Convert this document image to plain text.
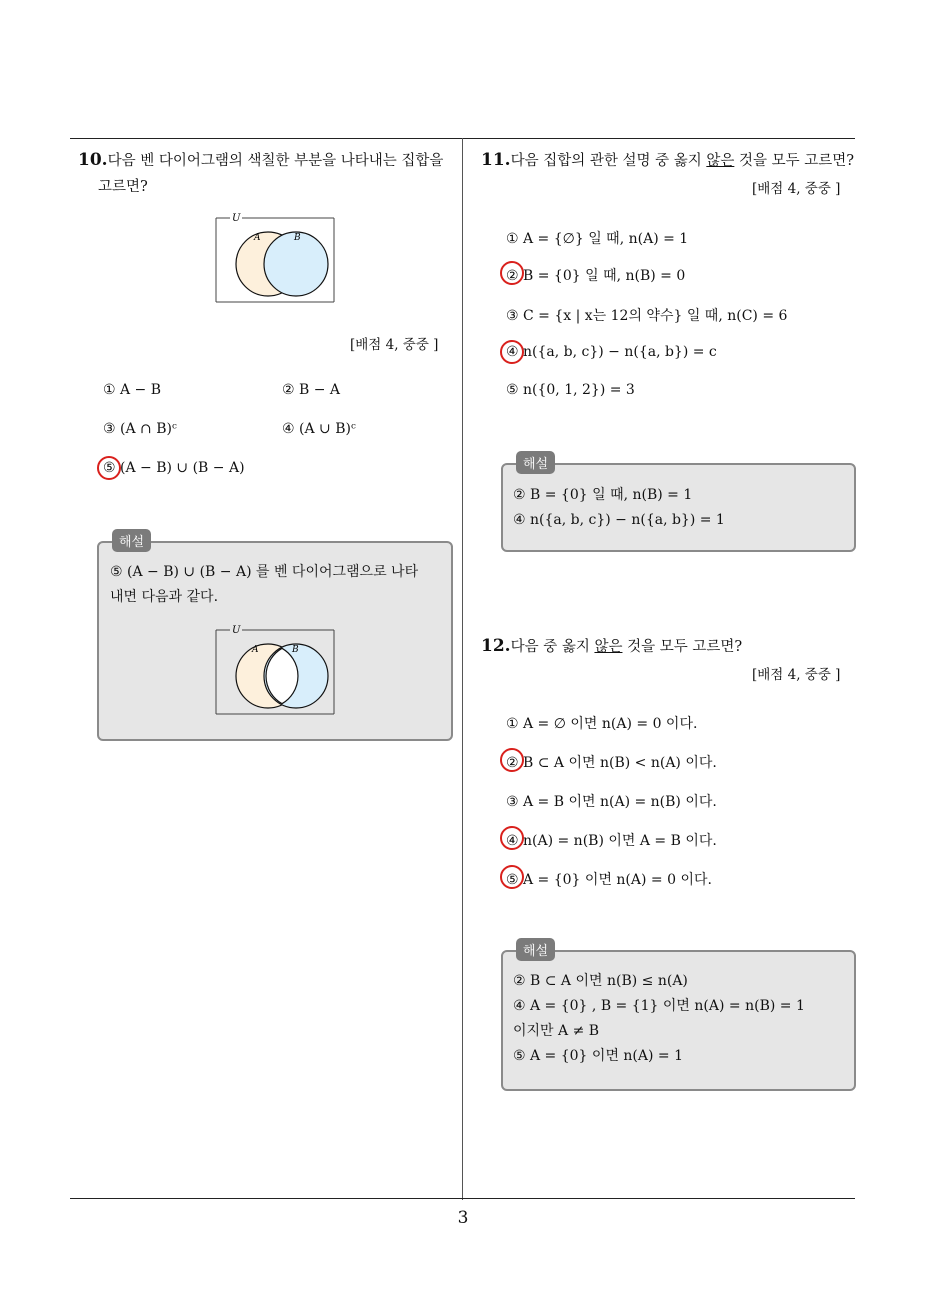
3
10.다음 벤 다이어그램의 색칠한 부분을 나타내는 집합을
고르면?
U
A	B
[배점 4, 중중 ]
① A − B	② B − A
③ (A ∩ B)ᶜ	④ (A ∪ B)ᶜ
⑤ (A − B) ∪ (B − A)
해설
⑤ (A − B) ∪ (B − A) 를 벤 다이어그램으로 나타
내면 다음과 같다.
U
A	B
11.다음 집합의 관한 설명 중 옳지 않은 것을 모두 고르면?
[배점 4, 중중 ]
① A = {∅} 일 때, n(A) = 1
② B = {0} 일 때, n(B) = 0
③ C = {x | x는 12의 약수} 일 때, n(C) = 6
④ n({a, b, c}) − n({a, b}) = c
⑤ n({0, 1, 2}) = 3
해설
② B = {0} 일 때, n(B) = 1
④ n({a, b, c}) − n({a, b}) = 1
12.다음 중 옳지 않은 것을 모두 고르면?
[배점 4, 중중 ]
① A = ∅ 이면 n(A) = 0 이다.
② B ⊂ A 이면 n(B) < n(A) 이다.
③ A = B 이면 n(A) = n(B) 이다.
④ n(A) = n(B) 이면 A = B 이다.
⑤ A = {0} 이면 n(A) = 0 이다.
해설
② B ⊂ A 이면 n(B) ≤ n(A)
④ A = {0} , B = {1} 이면 n(A) = n(B) = 1
이지만 A ≠ B
⑤ A = {0} 이면 n(A) = 1
